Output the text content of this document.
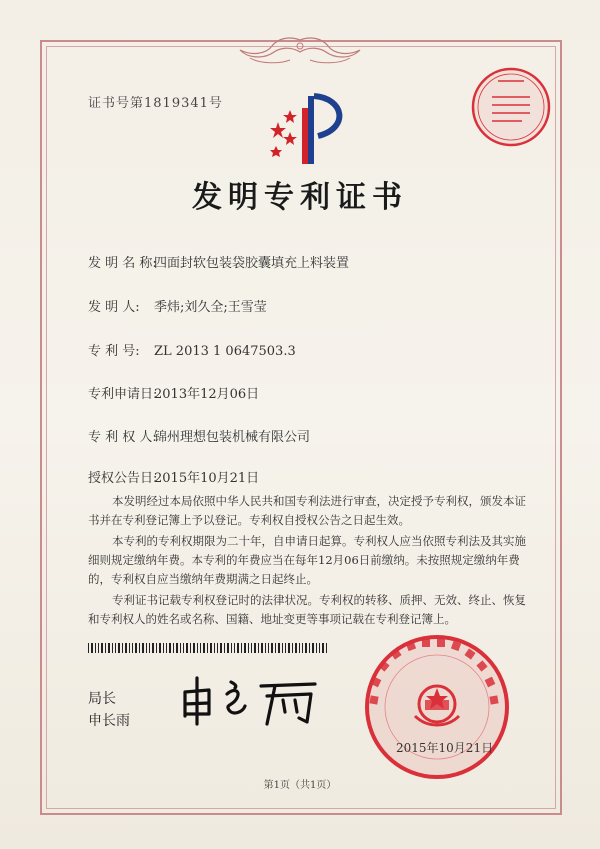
证书号第1819341号
发明专利证书
发 明 名 称:四面封软包装袋胶囊填充上料装置
发 明 人: 季炜;刘久全;王雪莹
专 利 号: ZL 2013 1 0647503.3
专利申请日:2013年12月06日
专 利 权 人:锦州理想包装机械有限公司
授权公告日:2015年10月21日
本发明经过本局依照中华人民共和国专利法进行审查，决定授予专利权，颁发本证书并在专利登记簿上予以登记。专利权自授权公告之日起生效。
本专利的专利权期限为二十年，自申请日起算。专利权人应当依照专利法及其实施细则规定缴纳年费。本专利的年费应当在每年12月06日前缴纳。未按照规定缴纳年费的，专利权自应当缴纳年费期满之日起终止。
专利证书记载专利权登记时的法律状况。专利权的转移、质押、无效、终止、恢复和专利权人的姓名或名称、国籍、地址变更等事项记载在专利登记簿上。
局长
申长雨
2015年10月21日
第1页（共1页）
